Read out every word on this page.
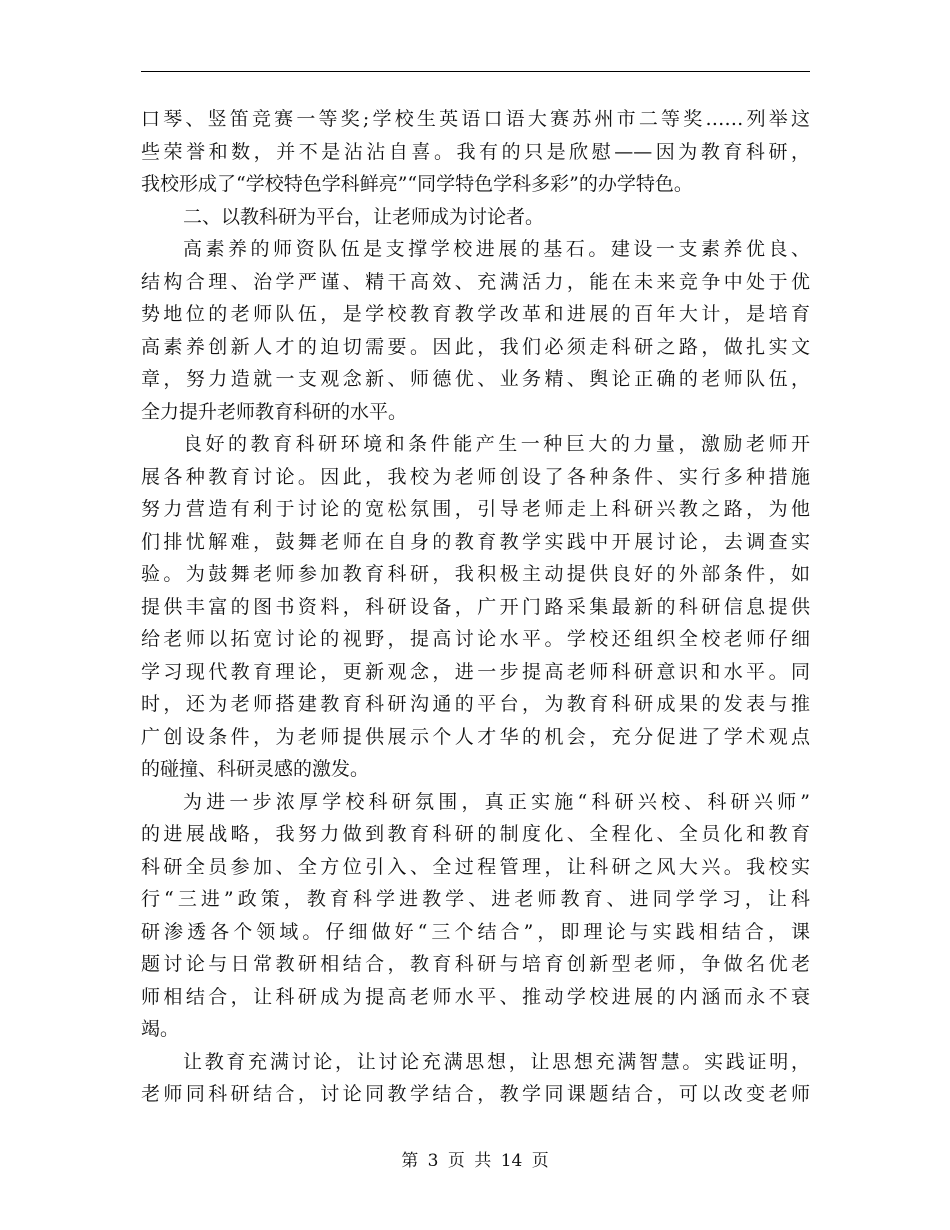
口琴、竖笛竞赛一等奖;学校生英语口语大赛苏州市二等奖……列举这
些荣誉和数，并不是沾沾自喜。我有的只是欣慰——因为教育科研，
我校形成了“学校特色学科鲜亮”“同学特色学科多彩”的办学特色。
二、以教科研为平台，让老师成为讨论者。
高素养的师资队伍是支撑学校进展的基石。建设一支素养优良、
结构合理、治学严谨、精干高效、充满活力，能在未来竞争中处于优
势地位的老师队伍，是学校教育教学改革和进展的百年大计，是培育
高素养创新人才的迫切需要。因此，我们必须走科研之路，做扎实文
章，努力造就一支观念新、师德优、业务精、舆论正确的老师队伍，
全力提升老师教育科研的水平。
良好的教育科研环境和条件能产生一种巨大的力量，激励老师开
展各种教育讨论。因此，我校为老师创设了各种条件、实行多种措施
努力营造有利于讨论的宽松氛围，引导老师走上科研兴教之路，为他
们排忧解难，鼓舞老师在自身的教育教学实践中开展讨论，去调查实
验。为鼓舞老师参加教育科研，我积极主动提供良好的外部条件，如
提供丰富的图书资料，科研设备，广开门路采集最新的科研信息提供
给老师以拓宽讨论的视野，提高讨论水平。学校还组织全校老师仔细
学习现代教育理论，更新观念，进一步提高老师科研意识和水平。同
时，还为老师搭建教育科研沟通的平台，为教育科研成果的发表与推
广创设条件，为老师提供展示个人才华的机会，充分促进了学术观点
的碰撞、科研灵感的激发。
为进一步浓厚学校科研氛围，真正实施“科研兴校、科研兴师”
的进展战略，我努力做到教育科研的制度化、全程化、全员化和教育
科研全员参加、全方位引入、全过程管理，让科研之风大兴。我校实
行“三进”政策，教育科学进教学、进老师教育、进同学学习，让科
研渗透各个领域。仔细做好“三个结合”，即理论与实践相结合，课
题讨论与日常教研相结合，教育科研与培育创新型老师，争做名优老
师相结合，让科研成为提高老师水平、推动学校进展的内涵而永不衰
竭。
让教育充满讨论，让讨论充满思想，让思想充满智慧。实践证明，
老师同科研结合，讨论同教学结合，教学同课题结合，可以改变老师
第 3 页 共 14 页
